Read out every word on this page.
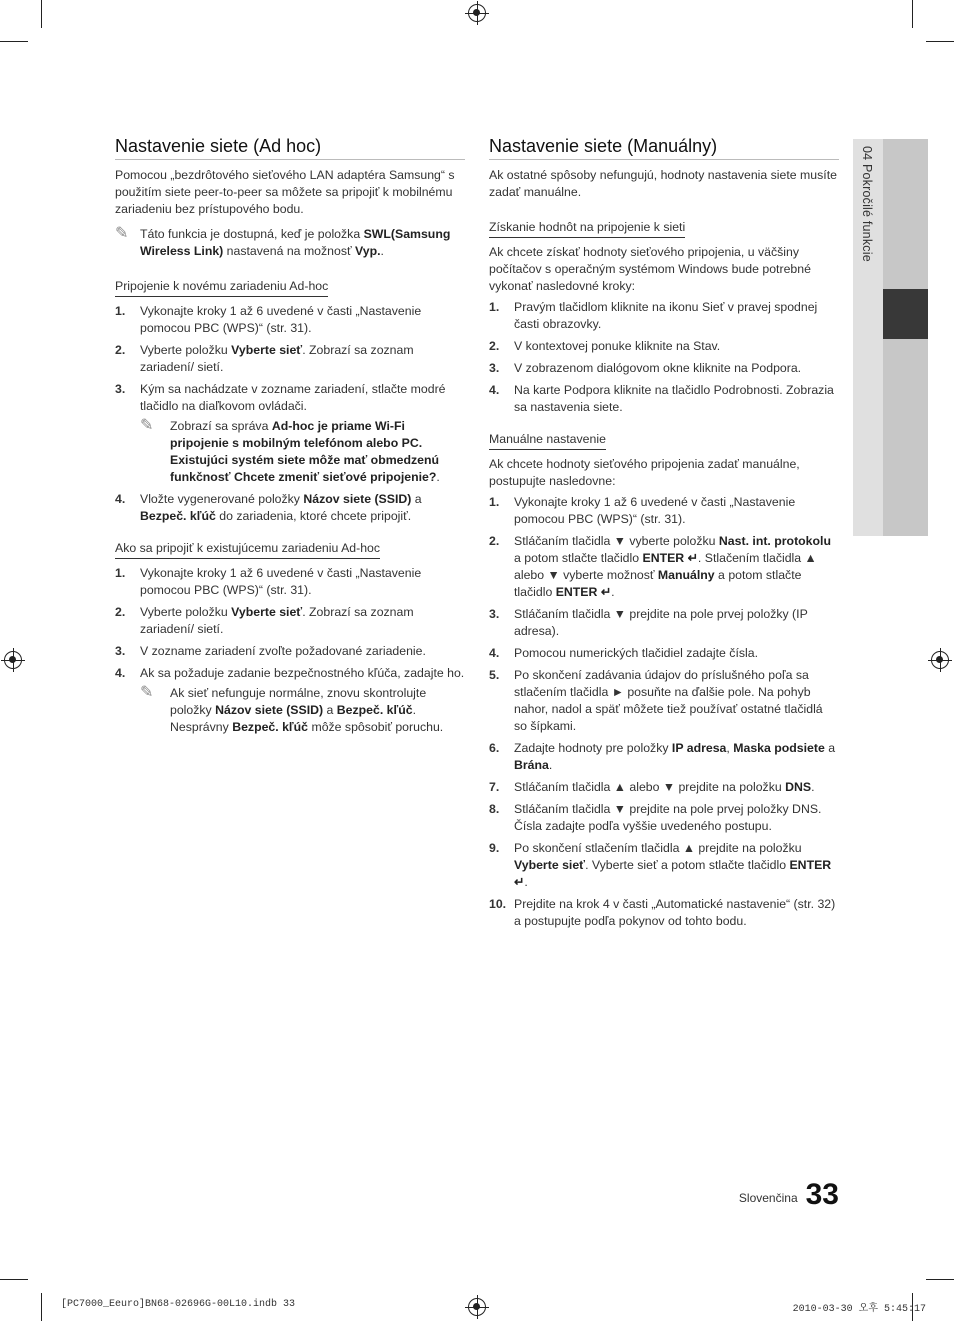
04 Pokročilé funkcie
Nastavenie siete (Ad hoc)

Pomocou „bezdrôtového sieťového LAN adaptéra Samsung“ s použitím siete peer-to-peer sa môžete sa pripojiť k mobilnému zariadeniu bez prístupového bodu.

✎ Táto funkcia je dostupná, keď je položka SWL(Samsung Wireless Link) nastavená na možnosť Vyp..
Pripojenie k novému zariadeniu Ad-hoc
1. Vykonajte kroky 1 až 6 uvedené v časti „Nastavenie pomocou PBC (WPS)“ (str. 31).
2. Vyberte položku Vyberte sieť. Zobrazí sa zoznam zariadení/ sietí.
3. Kým sa nachádzate v zozname zariadení, stlačte modré tlačidlo na diaľkovom ovládači.
✎ Zobrazí sa správa Ad-hoc je priame Wi-Fi pripojenie s mobilným telefónom alebo PC. Existujúci systém siete môže mať obmedzenú funkčnosť Chcete zmeniť sieťové pripojenie?.
4. Vložte vygenerované položky Názov siete (SSID) a Bezpeč. kľúč do zariadenia, ktoré chcete pripojiť.
Ako sa pripojiť k existujúcemu zariadeniu Ad-hoc
1. Vykonajte kroky 1 až 6 uvedené v časti „Nastavenie pomocou PBC (WPS)“ (str. 31).
2. Vyberte položku Vyberte sieť. Zobrazí sa zoznam zariadení/ sietí.
3. V zozname zariadení zvoľte požadované zariadenie.
4. Ak sa požaduje zadanie bezpečnostného kľúča, zadajte ho.
✎ Ak sieť nefunguje normálne, znovu skontrolujte položky Názov siete (SSID) a Bezpeč. kľúč. Nesprávny Bezpeč. kľúč môže spôsobiť poruchu.
Nastavenie siete (Manuálny)

Ak ostatné spôsoby nefungujú, hodnoty nastavenia siete musíte zadať manuálne.

Získanie hodnôt na pripojenie k sieti

Ak chcete získať hodnoty sieťového pripojenia, u väčšiny počítačov s operačným systémom Windows bude potrebné vykonať nasledovné kroky:

1. Pravým tlačidlom kliknite na ikonu Sieť v pravej spodnej časti obrazovky.
2. V kontextovej ponuke kliknite na Stav.
3. V zobrazenom dialógovom okne kliknite na Podpora.
4. Na karte Podpora kliknite na tlačidlo Podrobnosti. Zobrazia sa nastavenia siete.
Manuálne nastavenie

Ak chcete hodnoty sieťového pripojenia zadať manuálne, postupujte nasledovne:

1. Vykonajte kroky 1 až 6 uvedené v časti „Nastavenie pomocou PBC (WPS)“ (str. 31).
2. Stláčaním tlačidla ▼ vyberte položku Nast. int. protokolu a potom stlačte tlačidlo ENTER ↵. Stlačením tlačidla ▲ alebo ▼ vyberte možnosť Manuálny a potom stlačte tlačidlo ENTER ↵.
3. Stláčaním tlačidla ▼ prejdite na pole prvej položky (IP adresa).
4. Pomocou numerických tlačidiel zadajte čísla.
5. Po skončení zadávania údajov do príslušného poľa sa stlačením tlačidla ► posuňte na ďalšie pole. Na pohyb nahor, nadol a späť môžete tiež používať ostatné tlačidlá so šípkami.
6. Zadajte hodnoty pre položky IP adresa, Maska podsiete a Brána.
7. Stláčaním tlačidla ▲ alebo ▼ prejdite na položku DNS.
8. Stláčaním tlačidla ▼ prejdite na pole prvej položky DNS. Čísla zadajte podľa vyššie uvedeného postupu.
9. Po skončení stlačením tlačidla ▲ prejdite na položku Vyberte sieť. Vyberte sieť a potom stlačte tlačidlo ENTER ↵.
10. Prejdite na krok 4 v časti „Automatické nastavenie“ (str. 32) a postupujte podľa pokynov od tohto bodu.
Slovenčina 33
[PC7000_Eeuro]BN68-02696G-00L10.indb 33	2010-03-30 오후 5:45:17
